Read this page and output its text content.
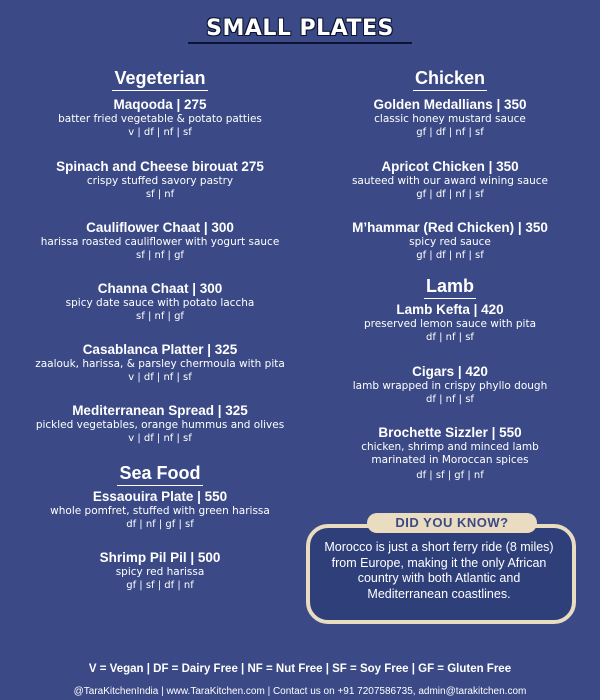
SMALL PLATES
Vegeterian
Maqooda | 275
batter fried vegetable & potato patties
v | df | nf | sf
Spinach and Cheese birouat 275
crispy stuffed savory pastry
sf | nf
Cauliflower Chaat | 300
harissa roasted cauliflower with yogurt sauce
sf | nf | gf
Channa Chaat | 300
spicy date sauce with potato laccha
sf | nf | gf
Casablanca Platter | 325
zaalouk, harissa, & parsley chermoula with pita
v | df | nf | sf
Mediterranean Spread | 325
pickled vegetables, orange hummus and olives
v | df | nf | sf
Sea Food
Essaouira Plate | 550
whole pomfret, stuffed with green harissa
df | nf | gf | sf
Shrimp Pil Pil | 500
spicy red harissa
gf | sf | df | nf
Chicken
Golden Medallians | 350
classic honey mustard sauce
gf | df | nf | sf
Apricot Chicken | 350
sauteed with our award wining sauce
gf | df | nf | sf
M’hammar (Red Chicken) | 350
spicy red sauce
gf | df | nf | sf
Lamb
Lamb Kefta | 420
preserved lemon sauce with pita
df | nf | sf
Cigars | 420
lamb wrapped in crispy phyllo dough
df | nf | sf
Brochette Sizzler | 550
chicken, shrimp and minced lamb
marinated in Moroccan spices
df | sf | gf | nf
DID YOU KNOW?
Morocco is just a short ferry ride (8 miles) from Europe, making it the only African country with both Atlantic and Mediterranean coastlines.
V = Vegan | DF = Dairy Free | NF = Nut Free | SF = Soy Free | GF = Gluten Free
@TaraKitchenIndia | www.TaraKitchen.com | Contact us on +91 7207586735, admin@tarakitchen.com
